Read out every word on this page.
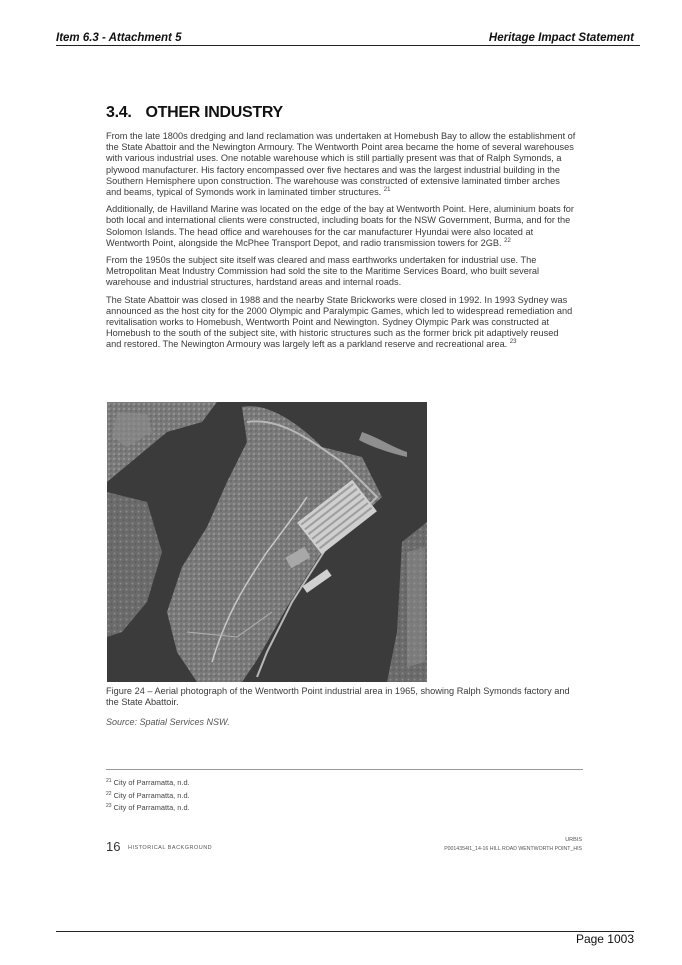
Item 6.3 - Attachment 5	Heritage Impact Statement
3.4. OTHER INDUSTRY

From the late 1800s dredging and land reclamation was undertaken at Homebush Bay to allow the establishment of the State Abattoir and the Newington Armoury. The Wentworth Point area became the home of several warehouses with various industrial uses. One notable warehouse which is still partially present was that of Ralph Symonds, a plywood manufacturer. His factory encompassed over five hectares and was the largest industrial building in the Southern Hemisphere upon construction. The warehouse was constructed of extensive laminated timber arches and beams, typical of Symonds work in laminated timber structures. $^{21}$

Additionally, de Havilland Marine was located on the edge of the bay at Wentworth Point. Here, aluminium boats for both local and international clients were constructed, including boats for the NSW Government, Burma, and for the Solomon Islands. The head office and warehouses for the car manufacturer Hyundai were also located at Wentworth Point, alongside the McPhee Transport Depot, and radio transmission towers for 2GB. $^{22}$

From the 1950s the subject site itself was cleared and mass earthworks undertaken for industrial use. The Metropolitan Meat Industry Commission had sold the site to the Maritime Services Board, who built several warehouse and industrial structures, hardstand areas and internal roads.

The State Abattoir was closed in 1988 and the nearby State Brickworks were closed in 1992. In 1993 Sydney was announced as the host city for the 2000 Olympic and Paralympic Games, which led to widespread remediation and revitalisation works to Homebush, Wentworth Point and Newington. Sydney Olympic Park was constructed at Homebush to the south of the subject site, with historic structures such as the former brick pit adaptively reused and restored. The Newington Armoury was largely left as a parkland reserve and recreational area. $^{23}$

Figure 24 – Aerial photograph of the Wentworth Point industrial area in 1965, showing Ralph Symonds factory and the State Abattoir.
Source: Spatial Services NSW.
$^{21}$ City of Parramatta, n.d.
$^{22}$ City of Parramatta, n.d.
$^{23}$ City of Parramatta, n.d.
16 HISTORICAL BACKGROUND
URBIS
P0014354I1_14-16 HILL ROAD WENTWORTH POINT_HIS
Page 1003
